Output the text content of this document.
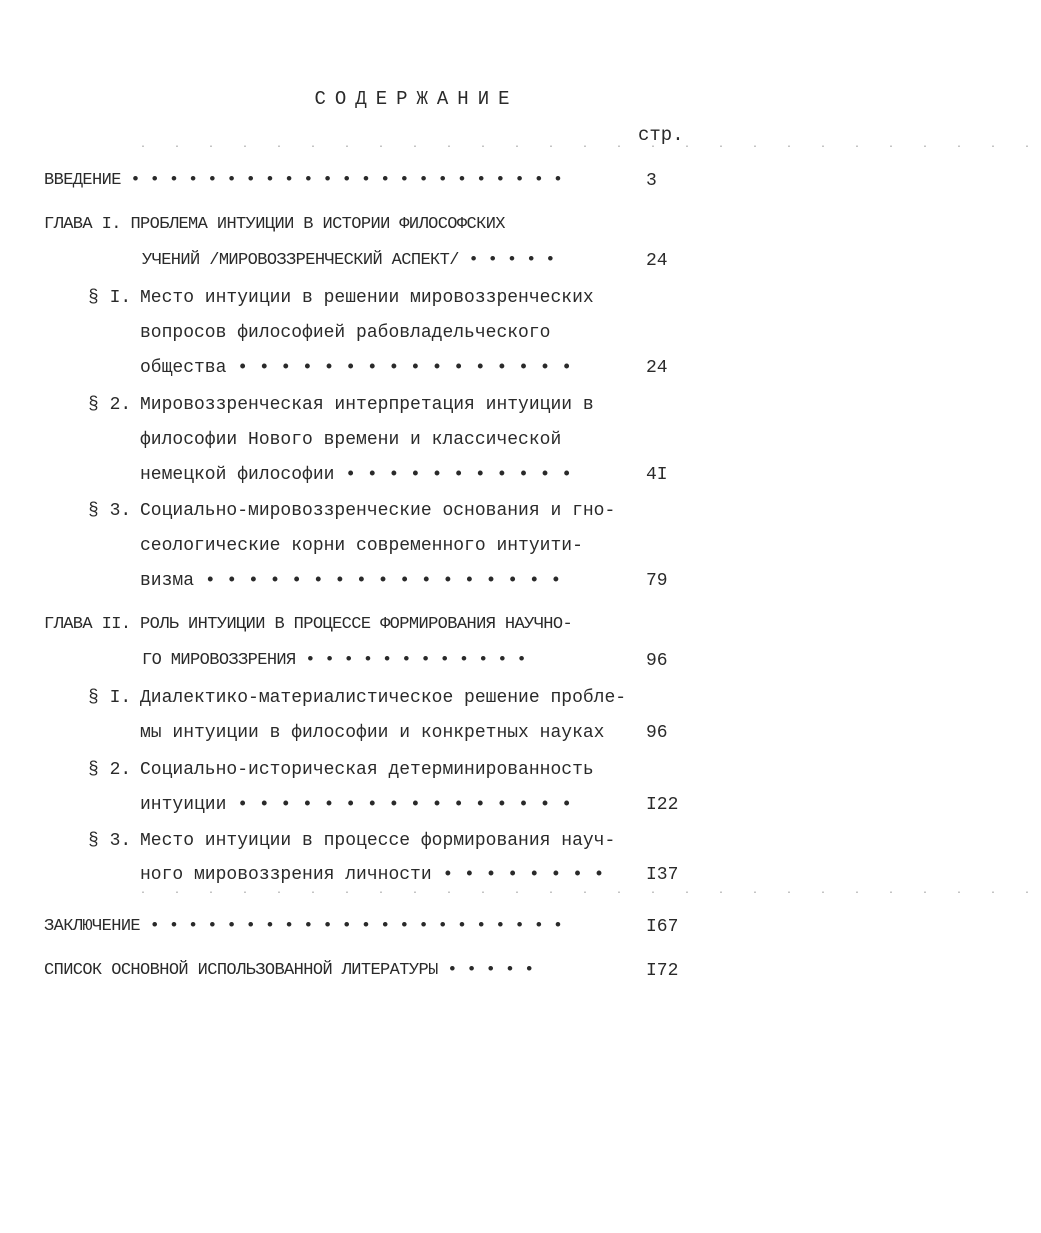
СОДЕРЖАНИЕ
стр.
· · · · · · · · · · · · · · · · · · · · · · · · · · ·
ВВЕДЕНИЕ • • • • • • • • • • • • • • • • • • • • • • •	3
ГЛАВА I. ПРОБЛЕМА ИНТУИЦИИ В ИСТОРИИ ФИЛОСОФСКИХ
УЧЕНИЙ /МИРОВОЗЗРЕНЧЕСКИЙ АСПЕКТ/ • • • • •	24
§ I. Место интуиции в решении мировоззренческих
вопросов философией рабовладельческого
общества • • • • • • • • • • • • • • • •	24
§ 2. Мировоззренческая интерпретация интуиции в
философии Нового времени и классической
немецкой философии • • • • • • • • • • •	4I
§ 3. Социально-мировоззренческие основания и гно-
сеологические корни современного интуити-
визма • • • • • • • • • • • • • • • • •	79
ГЛАВА II. РОЛЬ ИНТУИЦИИ В ПРОЦЕССЕ ФОРМИРОВАНИЯ НАУЧНО-
ГО МИРОВОЗЗРЕНИЯ • • • • • • • • • • • •	96
§ I. Диалектико-материалистическое решение пробле-
мы интуиции в философии и конкретных науках	96
§ 2. Социально-историческая детерминированность
интуиции • • • • • • • • • • • • • • • •	I22
§ 3. Место интуиции в процессе формирования науч-
ного мировоззрения личности • • • • • • • •	I37
· · · · · · · · · · · · · · · · · · · · · · · · · · ·
ЗАКЛЮЧЕНИЕ • • • • • • • • • • • • • • • • • • • • • •	I67
СПИСОК ОСНОВНОЙ ИСПОЛЬЗОВАННОЙ ЛИТЕРАТУРЫ • • • • •	I72
